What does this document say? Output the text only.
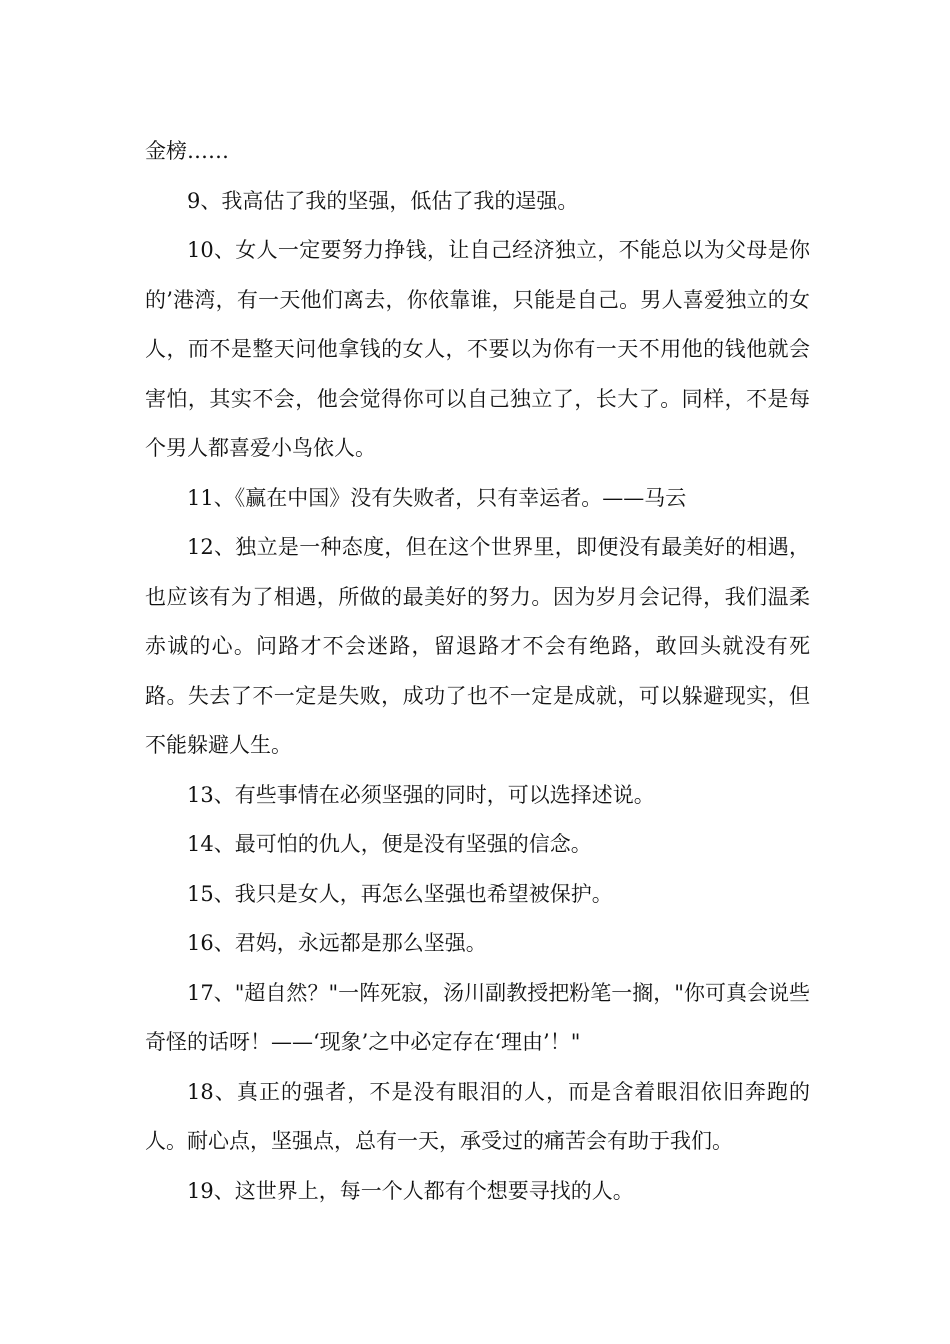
金榜……

9、我高估了我的坚强，低估了我的逞强。

10、女人一定要努力挣钱，让自己经济独立，不能总以为父母是你的’港湾，有一天他们离去，你依靠谁，只能是自己。男人喜爱独立的女人，而不是整天问他拿钱的女人，不要以为你有一天不用他的钱他就会害怕，其实不会，他会觉得你可以自己独立了，长大了。同样，不是每个男人都喜爱小鸟依人。

11、《赢在中国》没有失败者，只有幸运者。——马云

12、独立是一种态度，但在这个世界里，即便没有最美好的相遇，也应该有为了相遇，所做的最美好的努力。因为岁月会记得，我们温柔赤诚的心。问路才不会迷路，留退路才不会有绝路，敢回头就没有死路。失去了不一定是失败，成功了也不一定是成就，可以躲避现实，但不能躲避人生。

13、有些事情在必须坚强的同时，可以选择述说。

14、最可怕的仇人，便是没有坚强的信念。

15、我只是女人，再怎么坚强也希望被保护。

16、君妈，永远都是那么坚强。

17、"超自然？"一阵死寂，汤川副教授把粉笔一搁，"你可真会说些奇怪的话呀！——‘现象’之中必定存在‘理由’！"

18、真正的强者，不是没有眼泪的人，而是含着眼泪依旧奔跑的人。耐心点，坚强点，总有一天，承受过的痛苦会有助于我们。

19、这世界上，每一个人都有个想要寻找的人。
